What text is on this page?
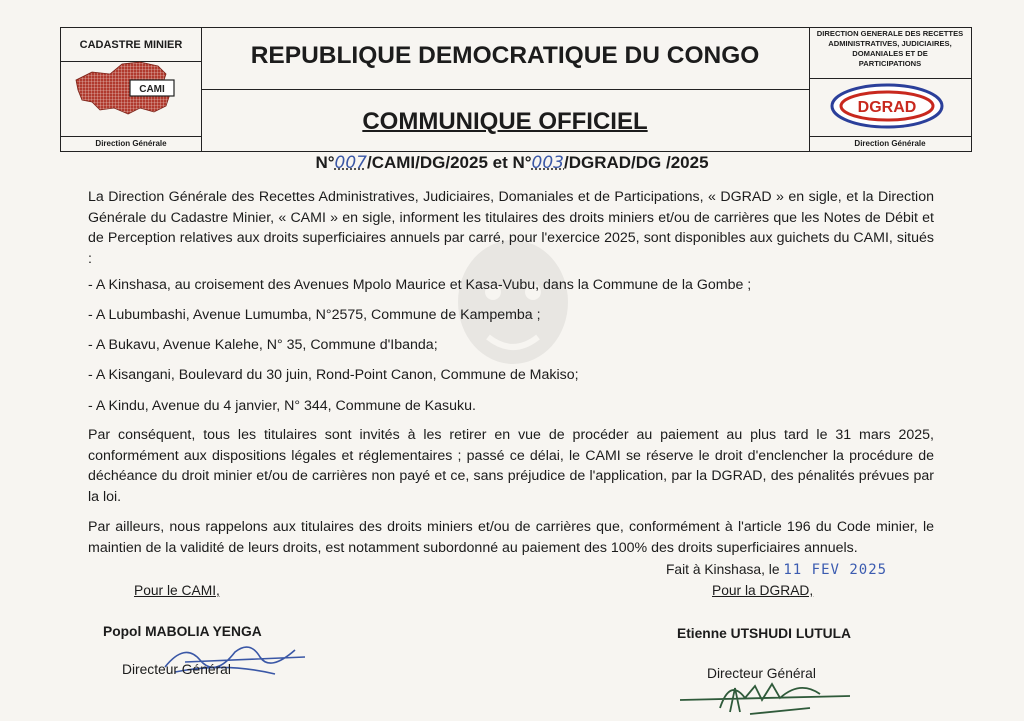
CADASTRE MINIER
Direction Générale
REPUBLIQUE DEMOCRATIQUE DU CONGO
COMMUNIQUE OFFICIEL
DIRECTION GENERALE DES RECETTES
ADMINISTRATIVES, JUDICIAIRES,
DOMANIALES ET DE
PARTICIPATIONS
Direction Générale
CAMI
DGRAD
N°007/CAMI/DG/2025 et N°003/DGRAD/DG /2025
La Direction Générale des Recettes Administratives, Judiciaires, Domaniales et de Participations, « DGRAD » en sigle, et la Direction Générale du Cadastre Minier, « CAMI » en sigle, informent les titulaires des droits miniers et/ou de carrières que les Notes de Débit et de Perception relatives aux droits superficiaires annuels par carré, pour l'exercice 2025, sont disponibles aux guichets du CAMI, situés :
- A Kinshasa, au croisement des Avenues Mpolo Maurice et Kasa-Vubu, dans la Commune de la Gombe ;
- A Lubumbashi, Avenue Lumumba, N°2575, Commune de Kampemba ;
- A Bukavu, Avenue Kalehe, N° 35, Commune d'Ibanda;
- A Kisangani, Boulevard du 30 juin, Rond-Point Canon, Commune de Makiso;
- A Kindu, Avenue du 4 janvier, N° 344, Commune de Kasuku.
Par conséquent, tous les titulaires sont invités à les retirer en vue de procéder au paiement au plus tard le 31 mars 2025, conformément aux dispositions légales et réglementaires ; passé ce délai, le CAMI se réserve le droit d'enclencher la procédure de déchéance du droit minier et/ou de carrières non payé et ce, sans préjudice de l'application, par la DGRAD, des pénalités prévues par la loi.
Par ailleurs, nous rappelons aux titulaires des droits miniers et/ou de carrières que, conformément à l'article 196 du Code minier, le maintien de la validité de leurs droits, est notamment subordonné au paiement des 100% des droits superficiaires annuels.
Fait à Kinshasa, le 11 FEV 2025
Pour le CAMI,
Popol MABOLIA YENGA
Directeur Général
Pour la DGRAD,
Etienne UTSHUDI LUTULA
Directeur Général
